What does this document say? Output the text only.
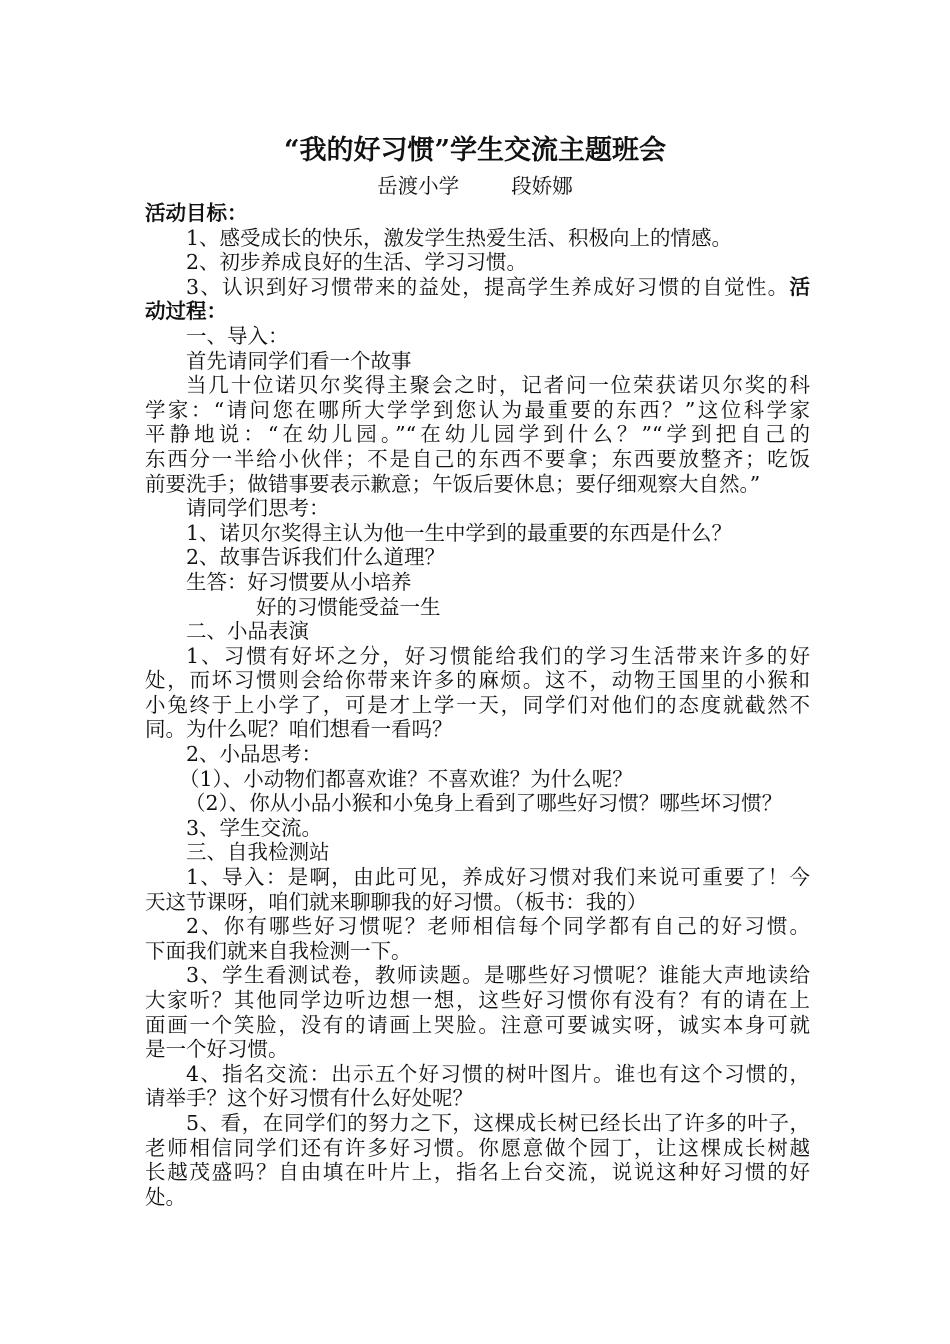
“我的好习惯”学生交流主题班会
岳渡小学        段娇娜
活动目标：
1、感受成长的快乐，激发学生热爱生活、积极向上的情感。
2、初步养成良好的生活、学习习惯。
3、认识到好习惯带来的益处，提高学生养成好习惯的自觉性。活
动过程：
一、导入：
首先请同学们看一个故事
当几十位诺贝尔奖得主聚会之时，记者问一位荣获诺贝尔奖的科
学家：“请问您在哪所大学学到您认为最重要的东西？”这位科学家
平静地说：“在幼儿园。”“在幼儿园学到什么？”“学到把自己的
东西分一半给小伙伴；不是自己的东西不要拿；东西要放整齐；吃饭
前要洗手；做错事要表示歉意；午饭后要休息；要仔细观察大自然。”
请同学们思考：
1、诺贝尔奖得主认为他一生中学到的最重要的东西是什么？
2、故事告诉我们什么道理？
生答：好习惯要从小培养
好的习惯能受益一生
二、小品表演
1、习惯有好坏之分，好习惯能给我们的学习生活带来许多的好
处，而坏习惯则会给你带来许多的麻烦。这不，动物王国里的小猴和
小兔终于上小学了，可是才上学一天，同学们对他们的态度就截然不
同。为什么呢？咱们想看一看吗？
2、小品思考：
（1）、小动物们都喜欢谁？不喜欢谁？为什么呢？
（2）、你从小品小猴和小兔身上看到了哪些好习惯？哪些坏习惯？
3、学生交流。
三、自我检测站
1、导入：是啊，由此可见，养成好习惯对我们来说可重要了！今
天这节课呀，咱们就来聊聊我的好习惯。（板书：我的）
2、你有哪些好习惯呢？老师相信每个同学都有自己的好习惯。
下面我们就来自我检测一下。
3、学生看测试卷，教师读题。是哪些好习惯呢？谁能大声地读给
大家听？其他同学边听边想一想，这些好习惯你有没有？有的请在上
面画一个笑脸，没有的请画上哭脸。注意可要诚实呀，诚实本身可就
是一个好习惯。
4、指名交流：出示五个好习惯的树叶图片。谁也有这个习惯的，
请举手？这个好习惯有什么好处呢？
5、看，在同学们的努力之下，这棵成长树已经长出了许多的叶子，
老师相信同学们还有许多好习惯。你愿意做个园丁，让这棵成长树越
长越茂盛吗？自由填在叶片上，指名上台交流，说说这种好习惯的好
处。
